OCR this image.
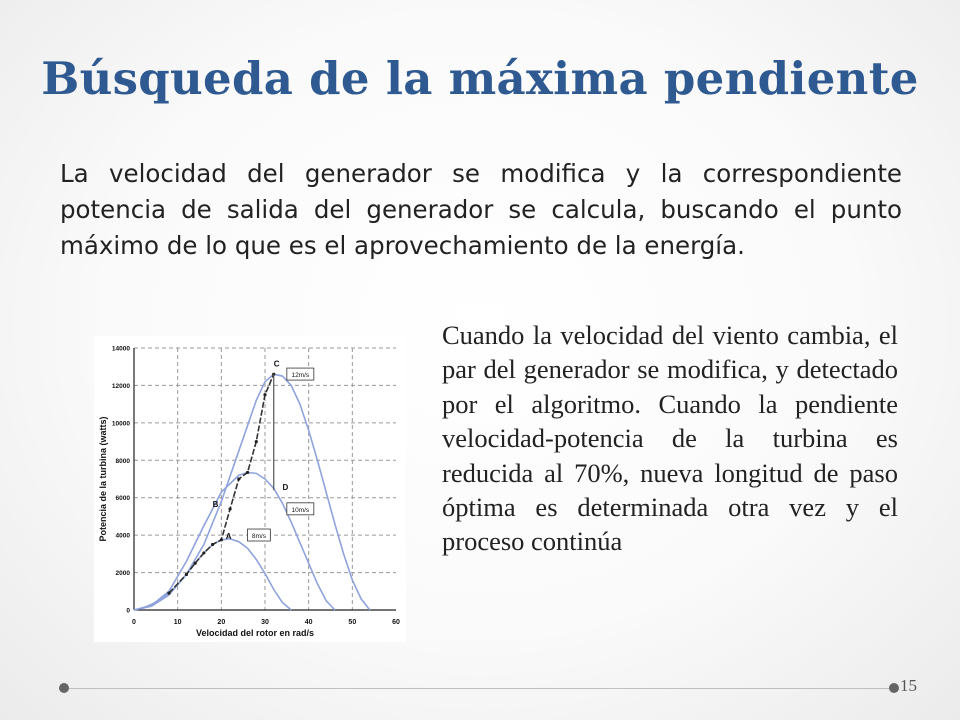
Búsqueda de la máxima pendiente
La velocidad del generador se modifica y la correspondiente potencia de salida del generador se calcula, buscando el punto máximo de lo que es el aprovechamiento de la energía.
0	10	20	30	40	50	60
0
2000
4000
6000
8000
10000
12000
14000
A
B
C
D
12m/s
10m/s
8m/s
Velocidad del rotor en rad/s
Potencia de la turbina (watts)
Cuando la velocidad del viento cambia, el par del generador se modifica, y detectado por el algoritmo. Cuando la pendiente velocidad-potencia de la turbina es reducida al 70%, nueva longitud de paso óptima es determinada otra vez y el proceso continúa
15
